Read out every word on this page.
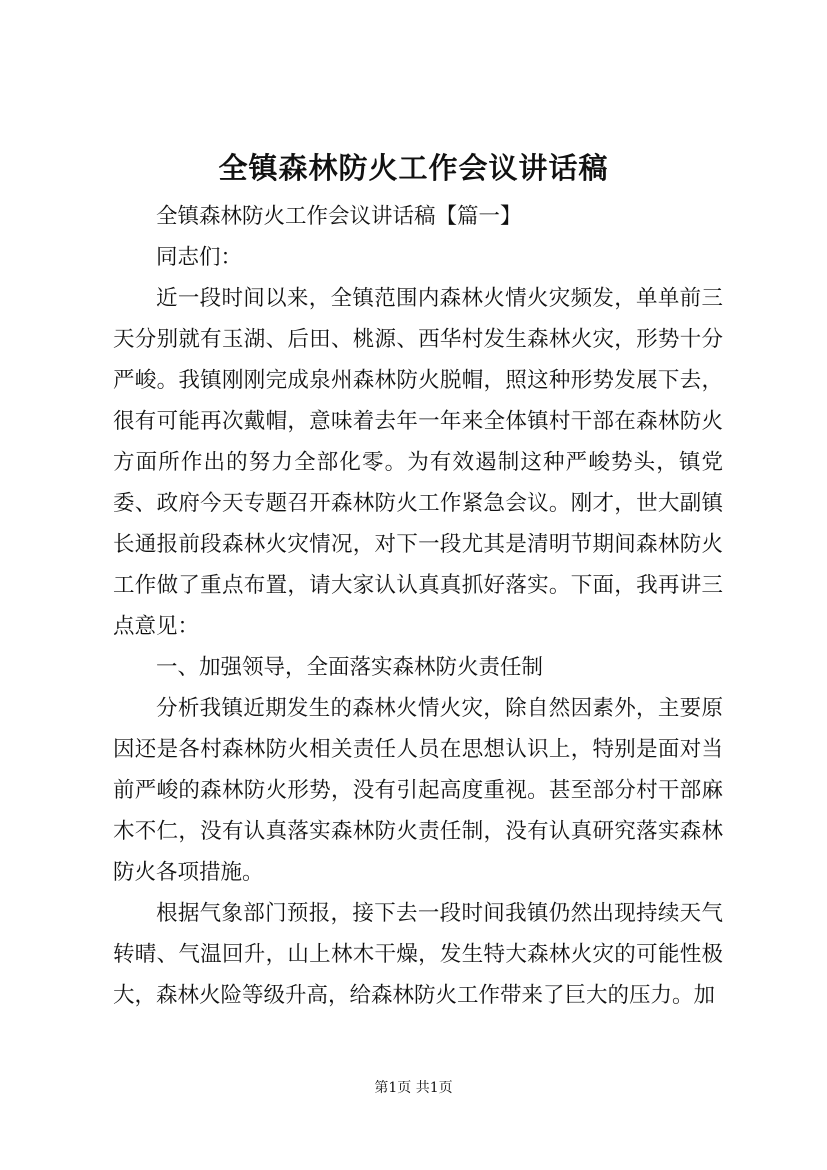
全镇森林防火工作会议讲话稿

全镇森林防火工作会议讲话稿【篇一】

同志们：

近一段时间以来，全镇范围内森林火情火灾频发，单单前三天分别就有玉湖、后田、桃源、西华村发生森林火灾，形势十分严峻。我镇刚刚完成泉州森林防火脱帽，照这种形势发展下去，很有可能再次戴帽，意味着去年一年来全体镇村干部在森林防火方面所作出的努力全部化零。为有效遏制这种严峻势头，镇党委、政府今天专题召开森林防火工作紧急会议。刚才，世大副镇长通报前段森林火灾情况，对下一段尤其是清明节期间森林防火工作做了重点布置，请大家认认真真抓好落实。下面，我再讲三点意见：

一、加强领导，全面落实森林防火责任制

分析我镇近期发生的森林火情火灾，除自然因素外，主要原因还是各村森林防火相关责任人员在思想认识上，特别是面对当前严峻的森林防火形势，没有引起高度重视。甚至部分村干部麻木不仁，没有认真落实森林防火责任制，没有认真研究落实森林防火各项措施。

根据气象部门预报，接下去一段时间我镇仍然出现持续天气转晴、气温回升，山上林木干燥，发生特大森林火灾的可能性极大，森林火险等级升高，给森林防火工作带来了巨大的压力。加

第1页 共1页
